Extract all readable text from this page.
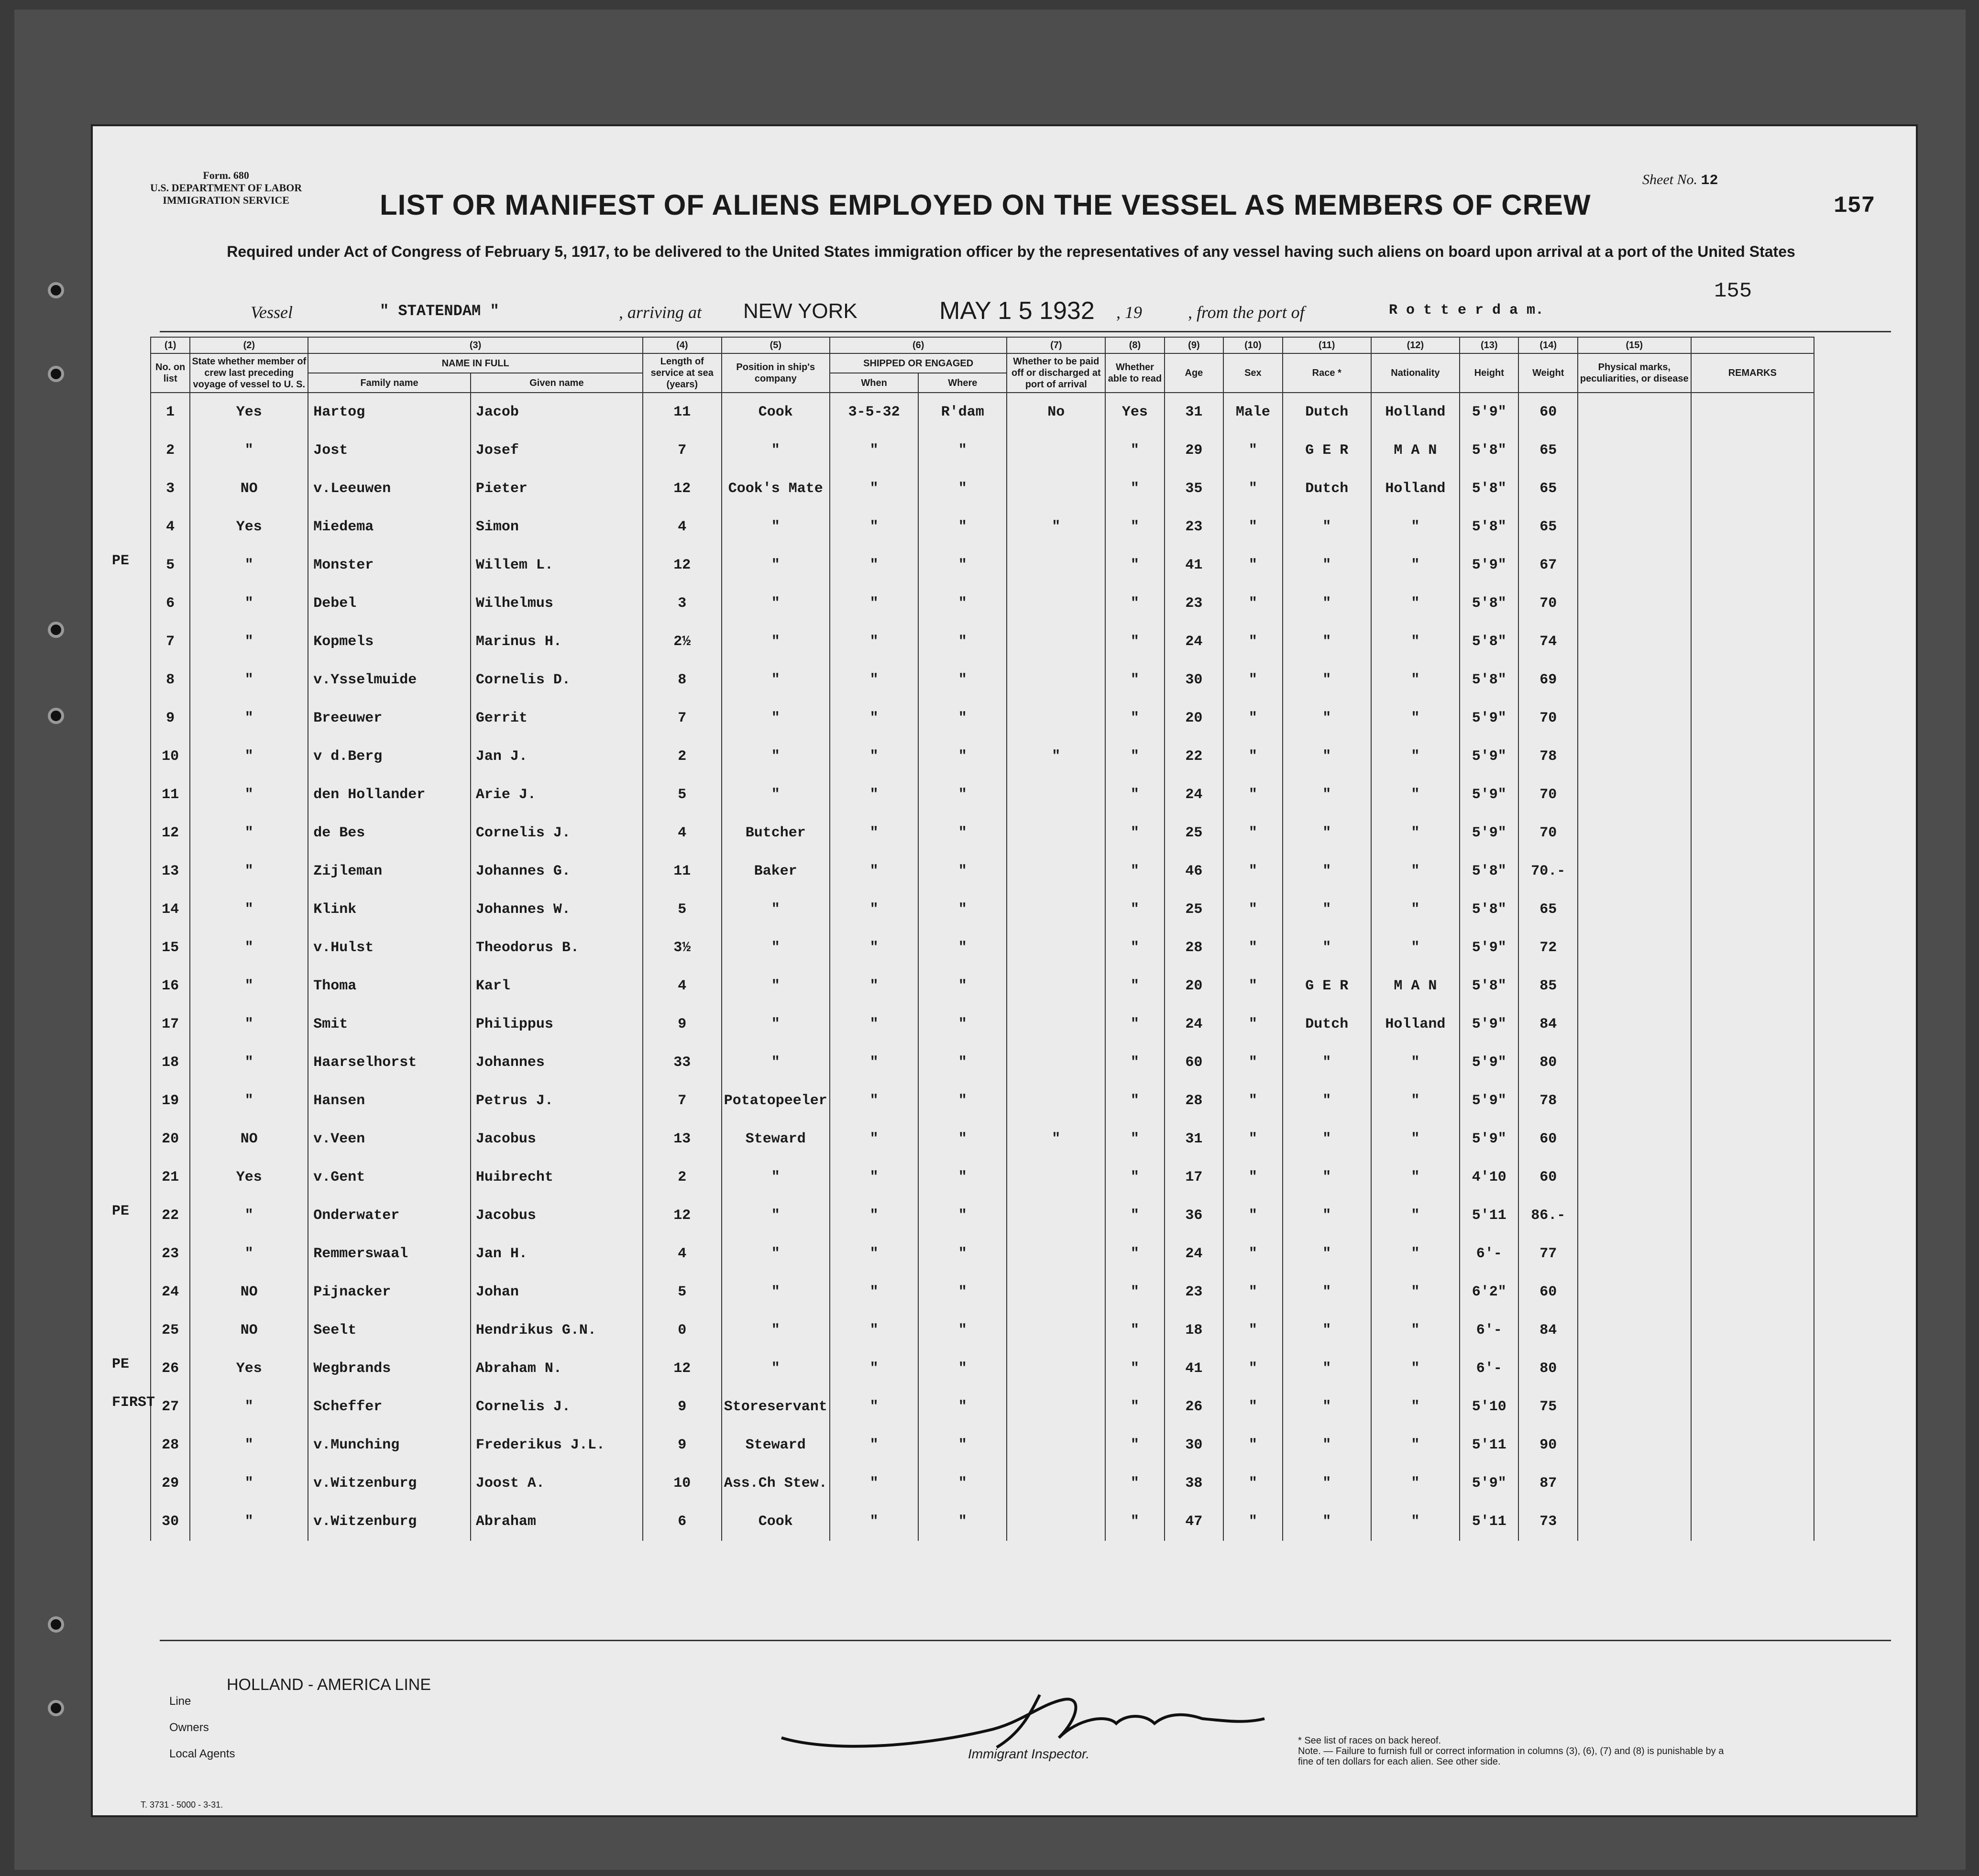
Form. 680
U.S. DEPARTMENT OF LABOR
IMMIGRATION SERVICE
Sheet No. 12
157
155
LIST OR MANIFEST OF ALIENS EMPLOYED ON THE VESSEL AS MEMBERS OF CREW
Required under Act of Congress of February 5, 1917, to be delivered to the United States immigration officer by the representatives of any vessel having such aliens on board upon arrival at a port of the United States
Vessel	" STATENDAM "	, arriving at NEW YORK	MAY 1 5 1932 , 19	, from the port of	R o t t e r d a m.
(1)	(2)	(3)		(4)	(5)	(6)		(7)	(8)	(9)	(10)	(11)	(12)	(13)	(14)	(15)	
No. on list	State whether member of crew last preceding voyage of vessel to U. S.	NAME IN FULL		Length of service at sea (years)	Position in ship's company	SHIPPED OR ENGAGED		Whether to be paid off or discharged at port of arrival	Whether able to read	Age	Sex	Race *	Nationality	Height	Weight	Physical marks, peculiarities, or disease	REMARKS
		Family name	Given name			When	Where										
1	Yes	Hartog	Jacob	11	Cook	3-5-32	R'dam	No	Yes	31	Male	Dutch	Holland	5'9"	60		
2	"	Jost	Josef	7	"	"	"		"	29	"	G E R	M A N	5'8"	65		
3	NO	v.Leeuwen	Pieter	12	Cook's Mate	"	"		"	35	"	Dutch	Holland	5'8"	65		
4	Yes	Miedema	Simon	4	"	"	"	"	"	23	"	"	"	5'8"	65		
5	"	Monster	Willem L.	12	"	"	"		"	41	"	"	"	5'9"	67		
6	"	Debel	Wilhelmus	3	"	"	"		"	23	"	"	"	5'8"	70		
7	"	Kopmels	Marinus H.	2½	"	"	"		"	24	"	"	"	5'8"	74		
8	"	v.Ysselmuide	Cornelis D.	8	"	"	"		"	30	"	"	"	5'8"	69		
9	"	Breeuwer	Gerrit	7	"	"	"		"	20	"	"	"	5'9"	70		
10	"	v d.Berg	Jan J.	2	"	"	"	"	"	22	"	"	"	5'9"	78		
11	"	den Hollander	Arie J.	5	"	"	"		"	24	"	"	"	5'9"	70		
12	"	de Bes	Cornelis J.	4	Butcher	"	"		"	25	"	"	"	5'9"	70		
13	"	Zijleman	Johannes G.	11	Baker	"	"		"	46	"	"	"	5'8"	70.-		
14	"	Klink	Johannes W.	5	"	"	"		"	25	"	"	"	5'8"	65		
15	"	v.Hulst	Theodorus B.	3½	"	"	"		"	28	"	"	"	5'9"	72		
16	"	Thoma	Karl	4	"	"	"		"	20	"	G E R	M A N	5'8"	85		
17	"	Smit	Philippus	9	"	"	"		"	24	"	Dutch	Holland	5'9"	84		
18	"	Haarselhorst	Johannes	33	"	"	"		"	60	"	"	"	5'9"	80		
19	"	Hansen	Petrus J.	7	Potatopeeler	"	"		"	28	"	"	"	5'9"	78		
20	NO	v.Veen	Jacobus	13	Steward	"	"	"	"	31	"	"	"	5'9"	60		
21	Yes	v.Gent	Huibrecht	2	"	"	"		"	17	"	"	"	4'10	60		
22	"	Onderwater	Jacobus	12	"	"	"		"	36	"	"	"	5'11	86.-		
23	"	Remmerswaal	Jan H.	4	"	"	"		"	24	"	"	"	6'-	77		
24	NO	Pijnacker	Johan	5	"	"	"		"	23	"	"	"	6'2"	60		
25	NO	Seelt	Hendrikus G.N.	0	"	"	"		"	18	"	"	"	6'-	84		
26	Yes	Wegbrands	Abraham N.	12	"	"	"		"	41	"	"	"	6'-	80		
27	"	Scheffer	Cornelis J.	9	Storeservant	"	"		"	26	"	"	"	5'10	75		
28	"	v.Munching	Frederikus J.L.	9	Steward	"	"		"	30	"	"	"	5'11	90		
29	"	v.Witzenburg	Joost A.	10	Ass.Ch Stew.	"	"		"	38	"	"	"	5'9"	87		
30	"	v.Witzenburg	Abraham	6	Cook	"	"		"	47	"	"	"	5'11	73		
PE
PE
PE
FIRST
Line
HOLLAND - AMERICA LINE
Owners
Local Agents	Immigrant Inspector.
* See list of races on back hereof.
Note. — Failure to furnish full or correct information in columns (3), (6), (7) and (8) is punishable by a fine of ten dollars for each alien. See other side.
T. 3731 - 5000 - 3-31.
